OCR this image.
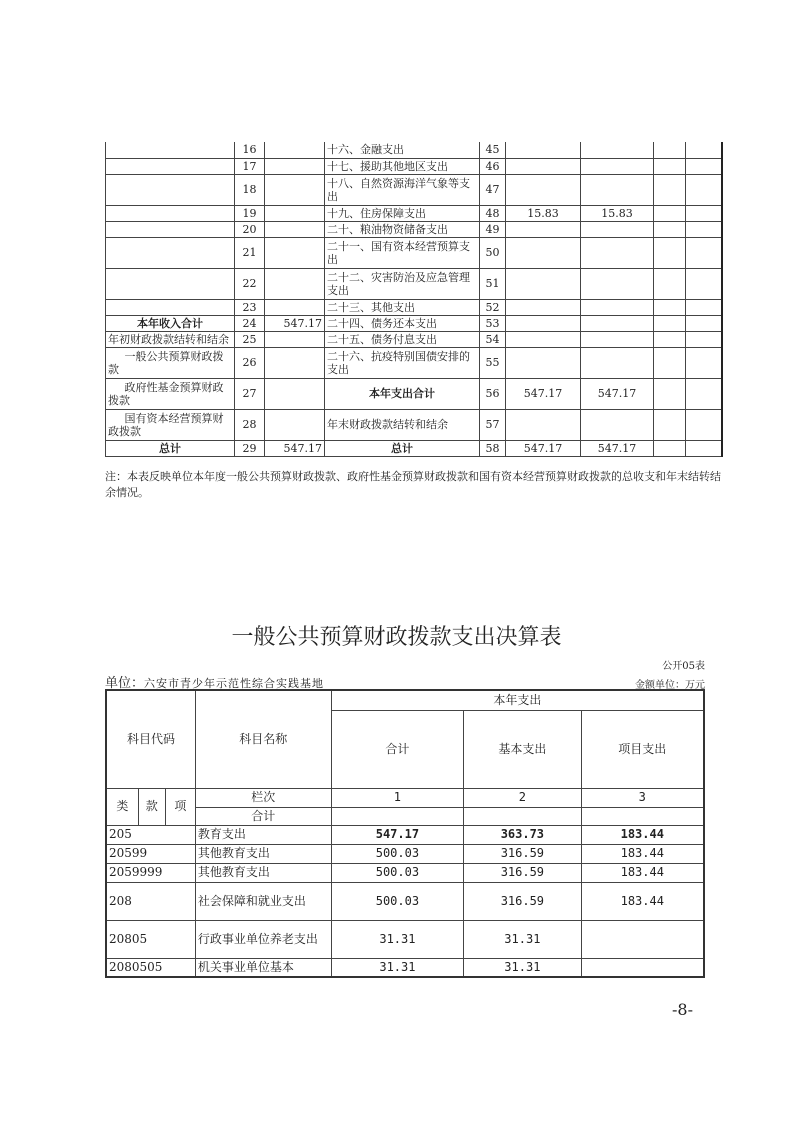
	16		十六、金融支出	45				
	17		十七、援助其他地区支出	46				
	18		十八、自然资源海洋气象等支出	47				
	19		十九、住房保障支出	48	15.83	15.83		
	20		二十、粮油物资储备支出	49				
	21		二十一、国有资本经营预算支出	50				
	22		二十二、灾害防治及应急管理支出	51				
	23		二十三、其他支出	52				
本年收入合计	24	547.17	二十四、债务还本支出	53				
年初财政拨款结转和结余	25		二十五、债务付息支出	54				
一般公共预算财政拨款	26		二十六、抗疫特别国债安排的支出	55				
政府性基金预算财政拨款	27		本年支出合计	56	547.17	547.17		
国有资本经营预算财政拨款	28		年末财政拨款结转和结余	57				
总计	29	547.17	总计	58	547.17	547.17		
注：本表反映单位本年度一般公共预算财政拨款、政府性基金预算财政拨款和国有资本经营预算财政拨款的总收支和年末结转结余情况。
一般公共预算财政拨款支出决算表
公开05表
单位：六安市青少年示范性综合实践基地	金额单位：万元
科目代码			科目名称	本年支出		
				合计	基本支出	项目支出
类	款	项	栏次	1	2	3
			合计			
205			教育支出	547.17	363.73	183.44
20599			其他教育支出	500.03	316.59	183.44
2059999			其他教育支出	500.03	316.59	183.44
208			社会保障和就业支出	500.03	316.59	183.44
20805			行政事业单位养老支出	31.31	31.31	
2080505			机关事业单位基本	31.31	31.31	
-8-
